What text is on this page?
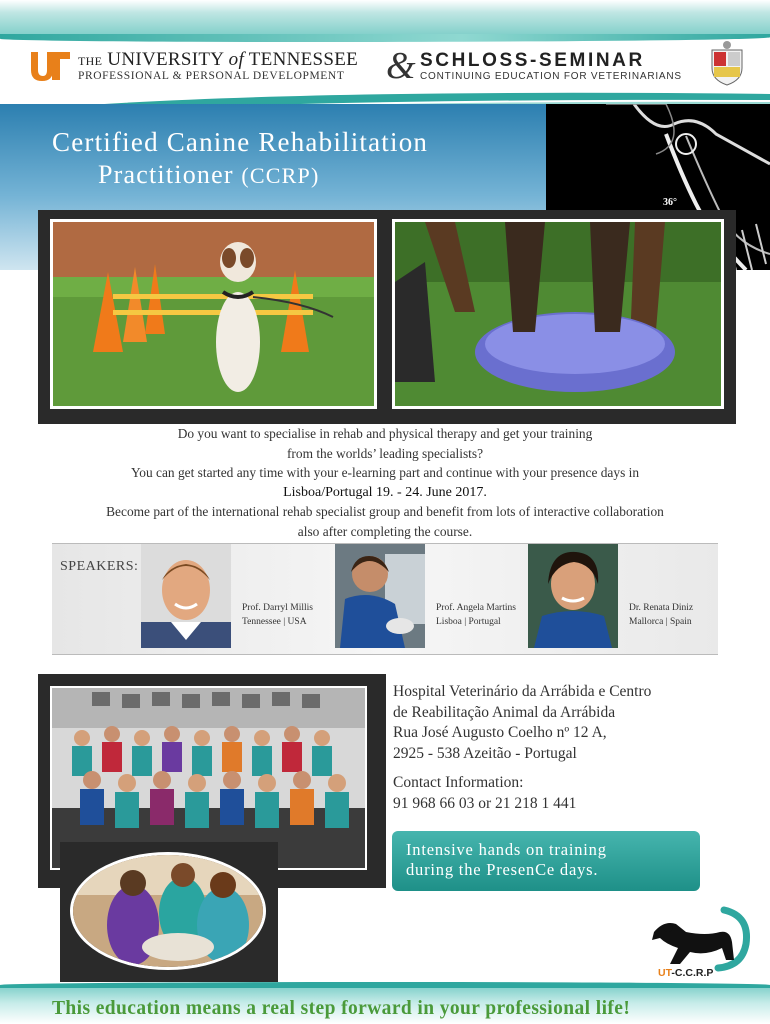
THE UNIVERSITY of TENNESSEE
PROFESSIONAL & PERSONAL DEVELOPMENT & SCHLOSS-SEMINAR
CONTINUING EDUCATION FOR VETERINARIANS
Certified Canine Rehabilitation
Practitioner (CCRP)
36°

Do you want to specialise in rehab and physical therapy and get your training

from the worlds’ leading specialists?

You can get started any time with your e-learning part and continue with your presence days in

Lisboa/Portugal 19. - 24. June 2017.

Become part of the international rehab specialist group and benefit from lots of interactive collaboration

also after completing the course.

SPEAKERS:
Prof. Darryl Millis
Tennessee | USA
Prof. Angela Martins
Lisboa | Portugal
Dr. Renata Diniz
Mallorca | Spain
Hospital Veterinário da Arrábida e Centro
de Reabilitação Animal da Arrábida
Rua José Augusto Coelho nº 12 A,
2925 - 538 Azeitão - Portugal
Contact Information:
91 968 66 03 or 21 218 1 441
Intensive hands on training
during the PresenCe days.
UT-C.C.R.P
This education means a real step forward in your professional life!
